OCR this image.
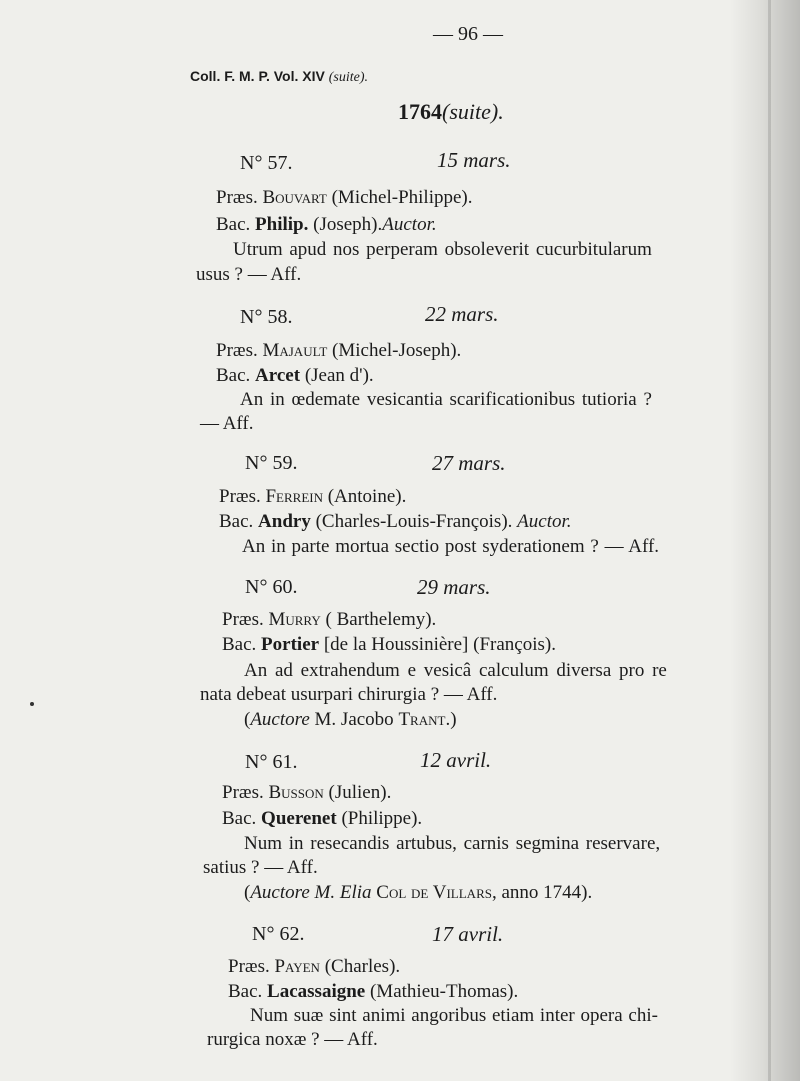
— 96 —
Coll. F. M. P. Vol. XIV (suite).
1764(suite).
N° 57.	15 mars.
Præs. Bouvart (Michel-Philippe).
Bac. Philip. (Joseph).Auctor.
Utrum apud nos perperam obsoleverit cucurbitularum
usus ? — Aff.
N° 58.	22 mars.
Præs. Majault (Michel-Joseph).
Bac. Arcet (Jean d').
An in œdemate vesicantia scarificationibus tutioria ?
— Aff.
N° 59.	27 mars.
Præs. Ferrein (Antoine).
Bac. Andry (Charles-Louis-François). Auctor.
An in parte mortua sectio post syderationem ? — Aff.
N° 60.	29 mars.
Præs. Murry ( Barthelemy).
Bac. Portier [de la Houssinière] (François).
An ad extrahendum e vesicâ calculum diversa pro re
nata debeat usurpari chirurgia ? — Aff.
(Auctore M. Jacobo Trant.)
N° 61.	12 avril.
Præs. Busson (Julien).
Bac. Querenet (Philippe).
Num in resecandis artubus, carnis segmina reservare,
satius ? — Aff.
(Auctore M. Elia Col de Villars, anno 1744).
N° 62.	17 avril.
Præs. Payen (Charles).
Bac. Lacassaigne (Mathieu-Thomas).
Num suæ sint animi angoribus etiam inter opera chi-
rurgica noxæ ? — Aff.
